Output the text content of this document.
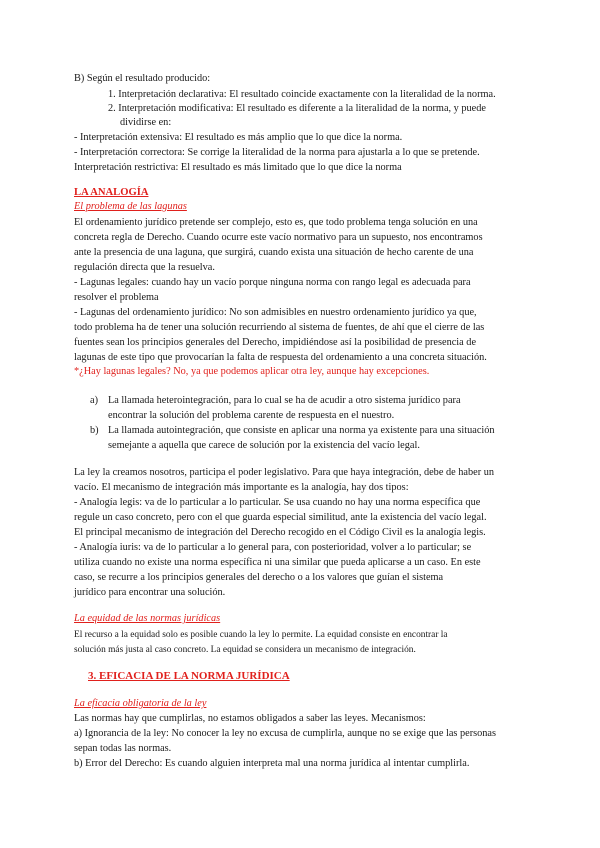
B) Según el resultado producido:
1. Interpretación declarativa: El resultado coincide exactamente con la literalidad de la norma.
2. Interpretación modificativa: El resultado es diferente a la literalidad de la norma, y puede
dividirse en:
- Interpretación extensiva: El resultado es más amplio que lo que dice la norma.
- Interpretación correctora: Se corrige la literalidad de la norma para ajustarla a lo que se pretende.
Interpretación restrictiva: El resultado es más limitado que lo que dice la norma
LA ANALOGÍA
El problema de las lagunas
El ordenamiento jurídico pretende ser complejo, esto es, que todo problema tenga solución en una
concreta regla de Derecho. Cuando ocurre este vacío normativo para un supuesto, nos encontramos
ante la presencia de una laguna, que surgirá, cuando exista una situación de hecho carente de una
regulación directa que la resuelva.
- Lagunas legales: cuando hay un vacío porque ninguna norma con rango legal es adecuada para
resolver el problema
- Lagunas del ordenamiento jurídico: No son admisibles en nuestro ordenamiento jurídico ya que,
todo problema ha de tener una solución recurriendo al sistema de fuentes, de ahí que el cierre de las
fuentes sean los principios generales del Derecho, impidiéndose así la posibilidad de presencia de
lagunas de este tipo que provocarían la falta de respuesta del ordenamiento a una concreta situación.
*¿Hay lagunas legales? No, ya que podemos aplicar otra ley, aunque hay excepciones.
a) La llamada heterointegración, para lo cual se ha de acudir a otro sistema jurídico para
encontrar la solución del problema carente de respuesta en el nuestro.
b) La llamada autointegración, que consiste en aplicar una norma ya existente para una situación
semejante a aquella que carece de solución por la existencia del vacío legal.
La ley la creamos nosotros, participa el poder legislativo. Para que haya integración, debe de haber un
vacío. El mecanismo de integración más importante es la analogía, hay dos tipos:
- Analogía legis: va de lo particular a lo particular. Se usa cuando no hay una norma específica que
regule un caso concreto, pero con el que guarda especial similitud, ante la existencia del vacío legal.
El principal mecanismo de integración del Derecho recogido en el Código Civil es la analogía legis.
- Analogía iuris: va de lo particular a lo general para, con posterioridad, volver a lo particular; se
utiliza cuando no existe una norma específica ni una similar que pueda aplicarse a un caso. En este
caso, se recurre a los principios generales del derecho o a los valores que guían el sistema
jurídico para encontrar una solución.
La equidad de las normas jurídicas
El recurso a la equidad solo es posible cuando la ley lo permite. La equidad consiste en encontrar la
solución más justa al caso concreto. La equidad se considera un mecanismo de integración.
3. EFICACIA DE LA NORMA JURÍDICA
La eficacia obligatoria de la ley
Las normas hay que cumplirlas, no estamos obligados a saber las leyes. Mecanismos:
a) Ignorancia de la ley: No conocer la ley no excusa de cumplirla, aunque no se exige que las personas
sepan todas las normas.
b) Error del Derecho: Es cuando alguien interpreta mal una norma jurídica al intentar cumplirla.
